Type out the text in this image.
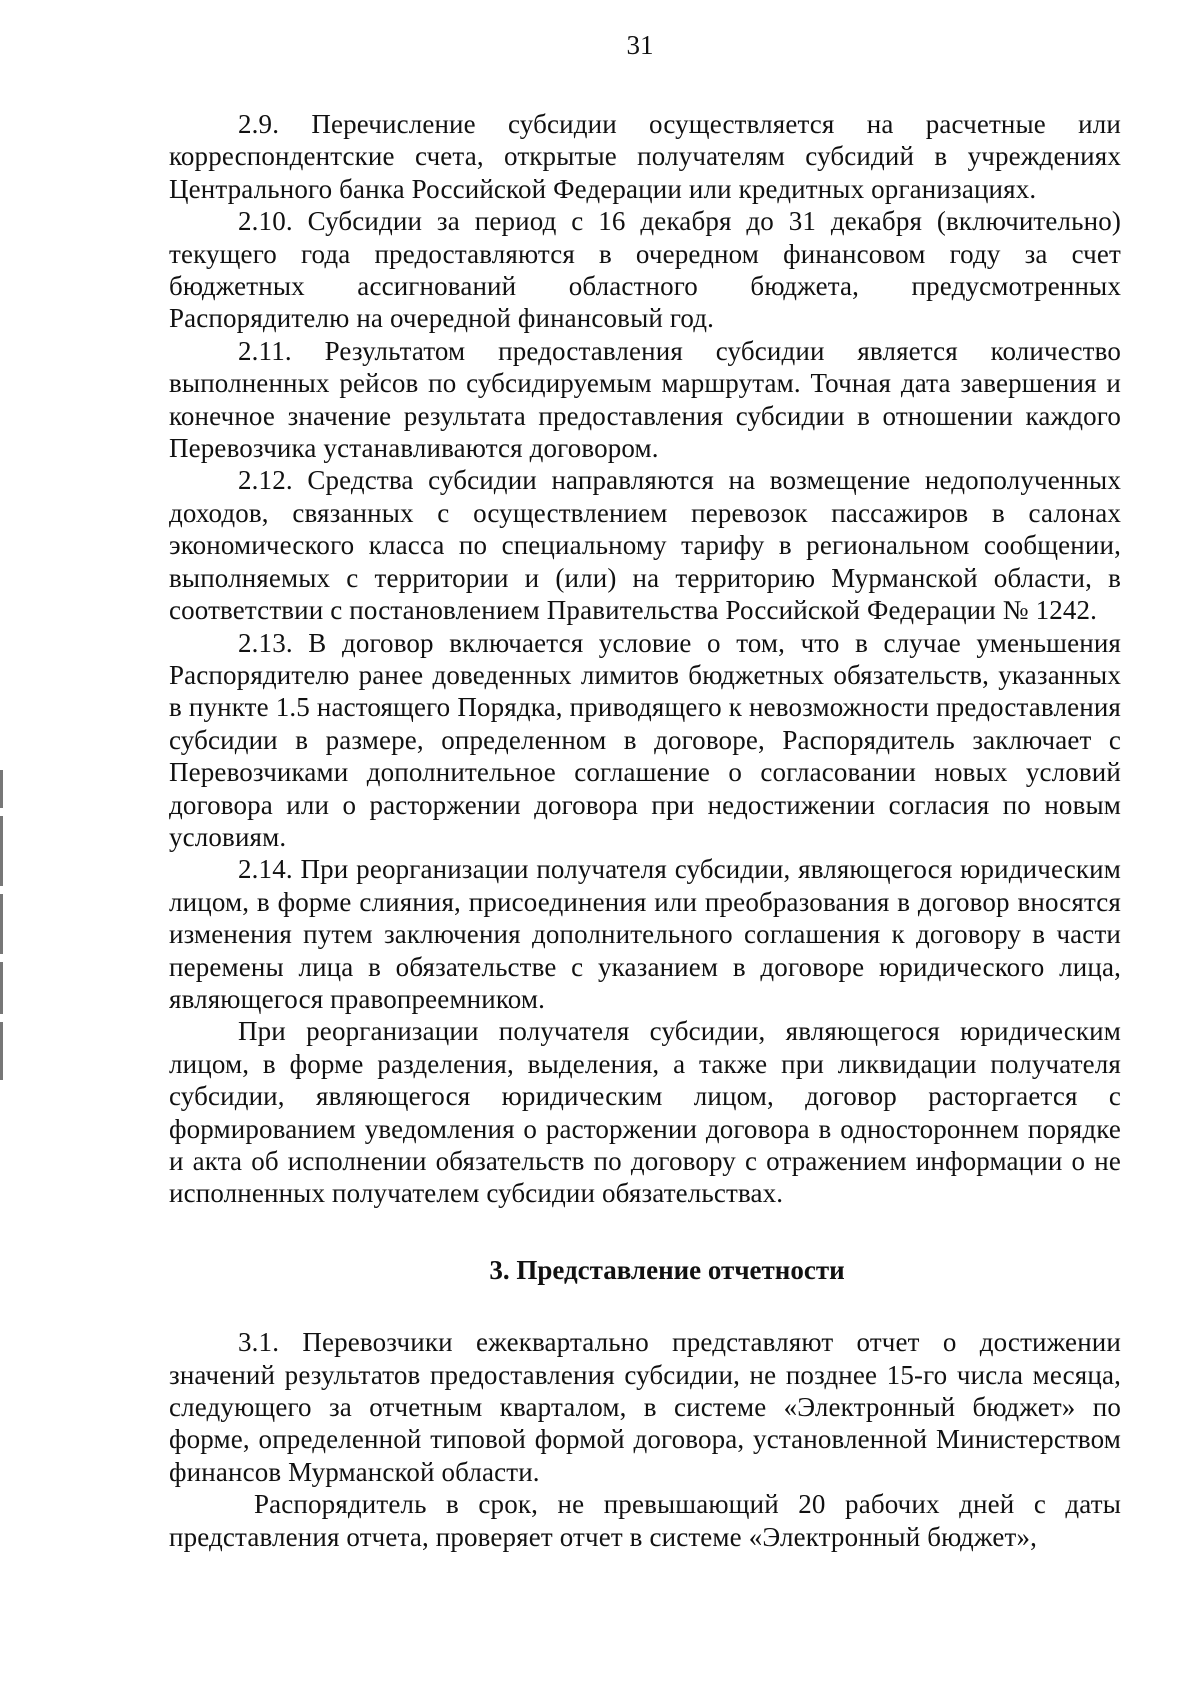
31

2.9. Перечисление субсидии осуществляется на расчетные или корреспондентские счета, открытые получателям субсидий в учреждениях Центрального банка Российской Федерации или кредитных организациях.

2.10. Субсидии за период с 16 декабря до 31 декабря (включительно) текущего года предоставляются в очередном финансовом году за счет бюджетных ассигнований областного бюджета, предусмотренных Распорядителю на очередной финансовый год.

2.11. Результатом предоставления субсидии является количество выполненных рейсов по субсидируемым маршрутам. Точная дата завершения и конечное значение результата предоставления субсидии в отношении каждого Перевозчика устанавливаются договором.

2.12. Средства субсидии направляются на возмещение недополученных доходов, связанных с осуществлением перевозок пассажиров в салонах экономического класса по специальному тарифу в региональном сообщении, выполняемых с территории и (или) на территорию Мурманской области, в соответствии с постановлением Правительства Российской Федерации № 1242.

2.13. В договор включается условие о том, что в случае уменьшения Распорядителю ранее доведенных лимитов бюджетных обязательств, указанных в пункте 1.5 настоящего Порядка, приводящего к невозможности предоставления субсидии в размере, определенном в договоре, Распорядитель заключает с Перевозчиками дополнительное соглашение о согласовании новых условий договора или о расторжении договора при недостижении согласия по новым условиям.

2.14. При реорганизации получателя субсидии, являющегося юридическим лицом, в форме слияния, присоединения или преобразования в договор вносятся изменения путем заключения дополнительного соглашения к договору в части перемены лица в обязательстве с указанием в договоре юридического лица, являющегося правопреемником.

При реорганизации получателя субсидии, являющегося юридическим лицом, в форме разделения, выделения, а также при ликвидации получателя субсидии, являющегося юридическим лицом, договор расторгается с формированием уведомления о расторжении договора в одностороннем порядке и акта об исполнении обязательств по договору с отражением информации о не исполненных получателем субсидии обязательствах.

3. Представление отчетности

3.1. Перевозчики ежеквартально представляют отчет о достижении значений результатов предоставления субсидии, не позднее 15-го числа месяца, следующего за отчетным кварталом, в системе «Электронный бюджет» по форме, определенной типовой формой договора, установленной Министерством финансов Мурманской области.

Распорядитель в срок, не превышающий 20 рабочих дней с даты представления отчета, проверяет отчет в системе «Электронный бюджет»,
